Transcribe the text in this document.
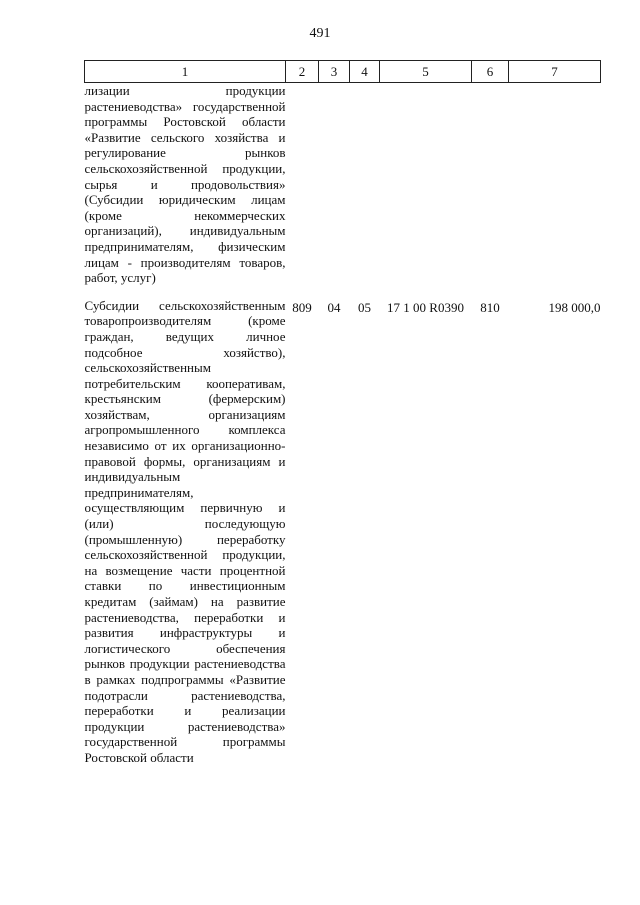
491
1	2	3	4	5	6	7
лизации продукции растениеводства» государственной программы Ростовской области «Развитие сельского хозяйства и регулирование рынков сельскохозяйственной продукции, сырья и продовольствия» (Субсидии юридическим лицам (кроме некоммерческих организаций), индивидуальным предпринимателям, физическим лицам - производителям товаров, работ, услуг)						
Субсидии сельскохозяйственным товаропроизводителям (кроме граждан, ведущих личное подсобное хозяйство), сельскохозяйственным потребительским кооперативам, крестьянским (фермерским) хозяйствам, организациям агропромышленного комплекса независимо от их организационно-правовой формы, организациям и индивидуальным предпринимателям, осуществляющим первичную и (или) последующую (промышленную) переработку сельскохозяйственной продукции, на возмещение части процентной ставки по инвестиционным кредитам (займам) на развитие растениеводства, переработки и развития инфраструктуры и логистического обеспечения рынков продукции растениеводства в рамках подпрограммы «Развитие подотрасли растениеводства, переработки и реализации продукции растениеводства» государственной программы Ростовской области	809	04	05	17 1 00 R0390	810	198 000,0
